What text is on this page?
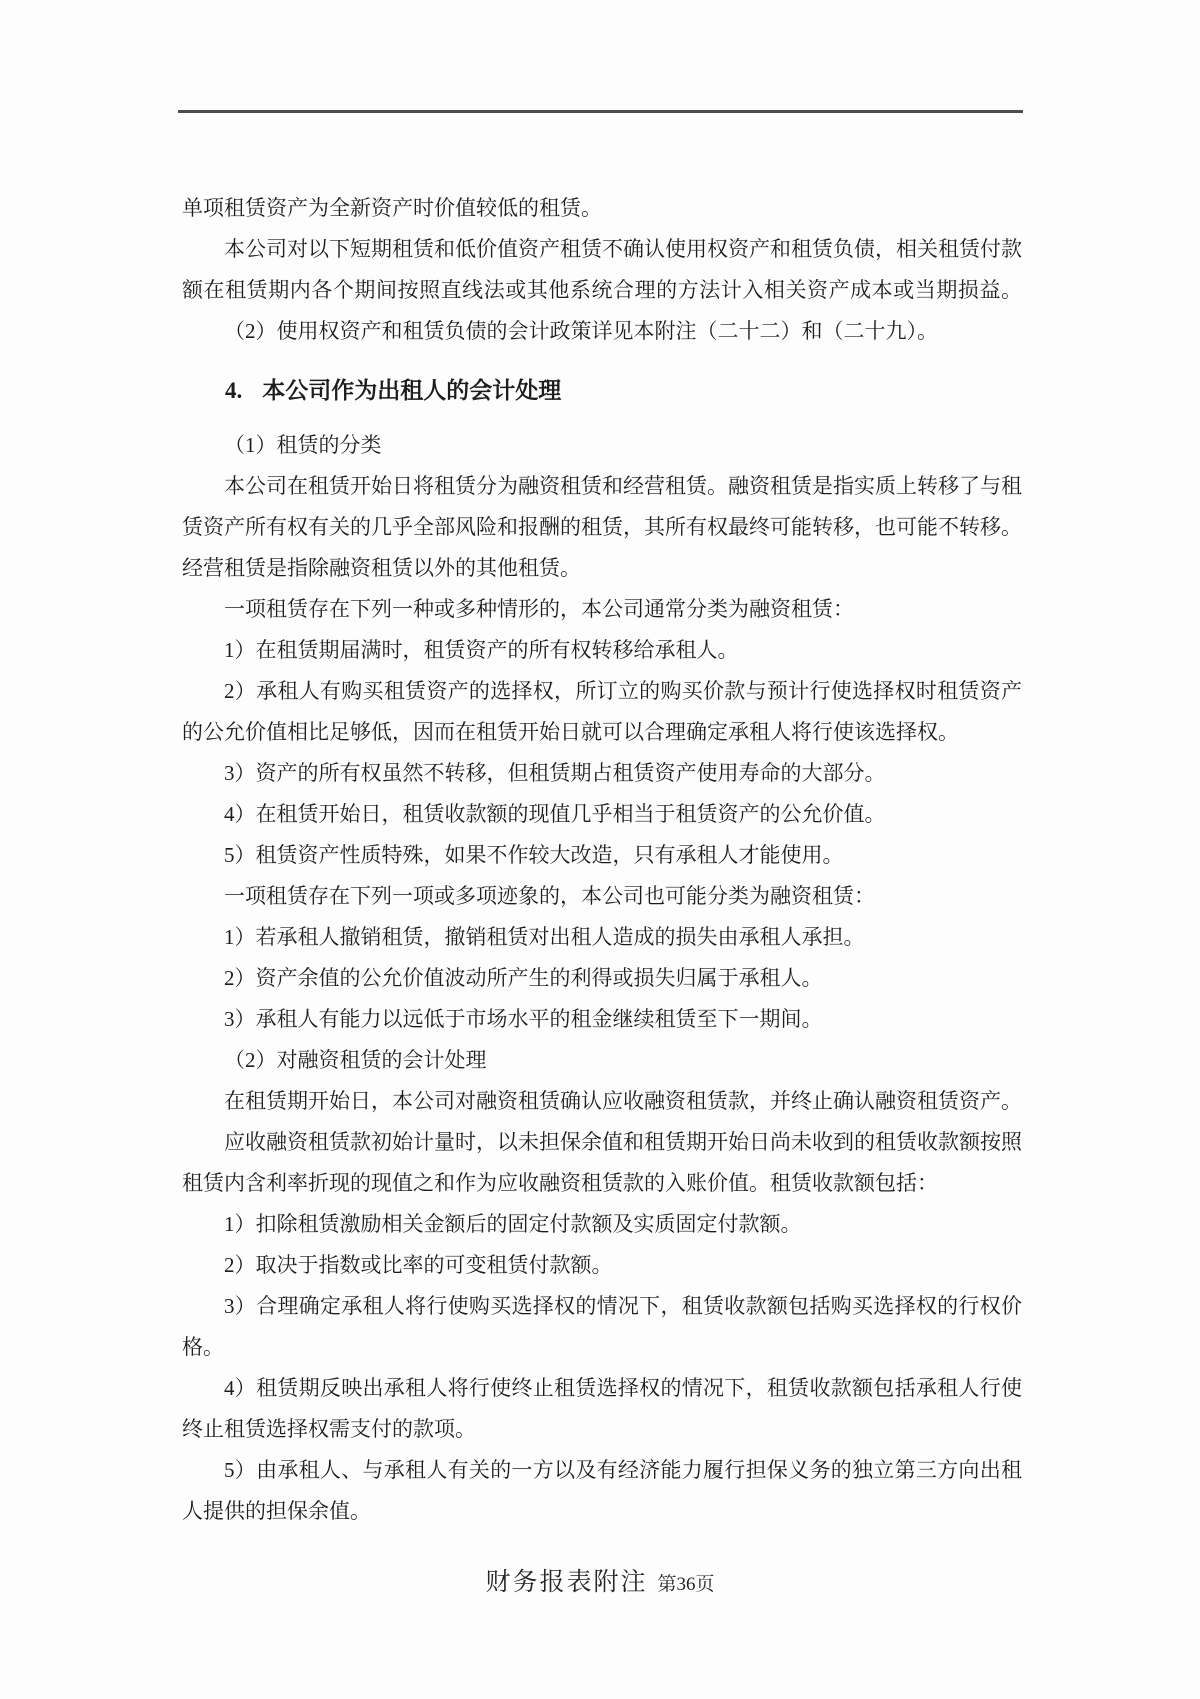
单项租赁资产为全新资产时价值较低的租赁。
本公司对以下短期租赁和低价值资产租赁不确认使用权资产和租赁负债，相关租赁付款
额在租赁期内各个期间按照直线法或其他系统合理的方法计入相关资产成本或当期损益。
（2）使用权资产和租赁负债的会计政策详见本附注（二十二）和（二十九）。
4. 本公司作为出租人的会计处理
（1）租赁的分类
本公司在租赁开始日将租赁分为融资租赁和经营租赁。融资租赁是指实质上转移了与租
赁资产所有权有关的几乎全部风险和报酬的租赁，其所有权最终可能转移，也可能不转移。
经营租赁是指除融资租赁以外的其他租赁。
一项租赁存在下列一种或多种情形的，本公司通常分类为融资租赁：
1）在租赁期届满时，租赁资产的所有权转移给承租人。
2）承租人有购买租赁资产的选择权，所订立的购买价款与预计行使选择权时租赁资产
的公允价值相比足够低，因而在租赁开始日就可以合理确定承租人将行使该选择权。
3）资产的所有权虽然不转移，但租赁期占租赁资产使用寿命的大部分。
4）在租赁开始日，租赁收款额的现值几乎相当于租赁资产的公允价值。
5）租赁资产性质特殊，如果不作较大改造，只有承租人才能使用。
一项租赁存在下列一项或多项迹象的，本公司也可能分类为融资租赁：
1）若承租人撤销租赁，撤销租赁对出租人造成的损失由承租人承担。
2）资产余值的公允价值波动所产生的利得或损失归属于承租人。
3）承租人有能力以远低于市场水平的租金继续租赁至下一期间。
（2）对融资租赁的会计处理
在租赁期开始日，本公司对融资租赁确认应收融资租赁款，并终止确认融资租赁资产。
应收融资租赁款初始计量时，以未担保余值和租赁期开始日尚未收到的租赁收款额按照
租赁内含利率折现的现值之和作为应收融资租赁款的入账价值。租赁收款额包括：
1）扣除租赁激励相关金额后的固定付款额及实质固定付款额。
2）取决于指数或比率的可变租赁付款额。
3）合理确定承租人将行使购买选择权的情况下，租赁收款额包括购买选择权的行权价
格。
4）租赁期反映出承租人将行使终止租赁选择权的情况下，租赁收款额包括承租人行使
终止租赁选择权需支付的款项。
5）由承租人、与承租人有关的一方以及有经济能力履行担保义务的独立第三方向出租
人提供的担保余值。
财务报表附注 第36页
